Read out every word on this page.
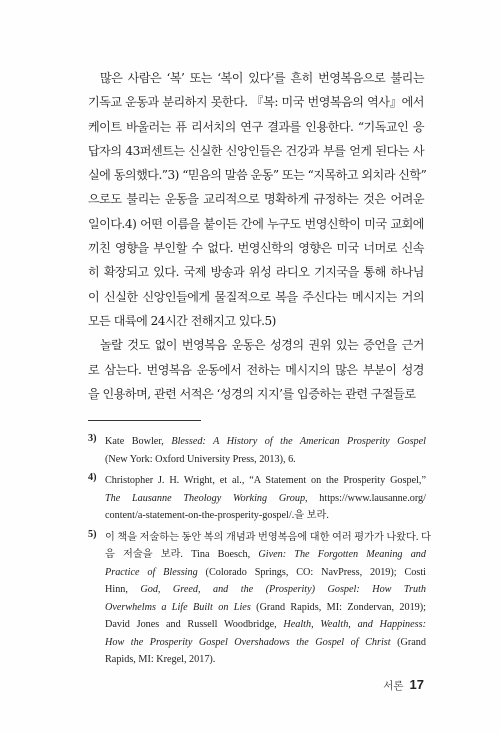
많은 사람은 ‘복’ 또는 ‘복이 있다’를 흔히 번영복음으로 불리는
기독교 운동과 분리하지 못한다. 『복: 미국 번영복음의 역사』에서
케이트 바울러는 퓨 리서치의 연구 결과를 인용한다. “기독교인 응
답자의 43퍼센트는 신실한 신앙인들은 건강과 부를 얻게 된다는 사
실에 동의했다.”3) “믿음의 말씀 운동” 또는 “지목하고 외치라 신학”
으로도 불리는 운동을 교리적으로 명확하게 규정하는 것은 어려운
일이다.4) 어떤 이름을 붙이든 간에 누구도 번영신학이 미국 교회에
끼친 영향을 부인할 수 없다. 번영신학의 영향은 미국 너머로 신속
히 확장되고 있다. 국제 방송과 위성 라디오 기지국을 통해 하나님
이 신실한 신앙인들에게 물질적으로 복을 주신다는 메시지는 거의
모든 대륙에 24시간 전해지고 있다.5)
놀랄 것도 없이 번영복음 운동은 성경의 권위 있는 증언을 근거
로 삼는다. 번영복음 운동에서 전하는 메시지의 많은 부분이 성경
을 인용하며, 관련 서적은 ‘성경의 지지’를 입증하는 관련 구절들로
3) Kate Bowler, Blessed: A History of the American Prosperity Gospel
(New York: Oxford University Press, 2013), 6.
4) Christopher J. H. Wright, et al., “A Statement on the Prosperity Gospel,”
The Lausanne Theology Working Group, https://www.lausanne.org/
content/a-statement-on-the-prosperity-gospel/.을 보라.
5) 이 책을 저술하는 동안 복의 개념과 번영복음에 대한 여러 평가가 나왔다. 다
음 저술을 보라. Tina Boesch, Given: The Forgotten Meaning and
Practice of Blessing (Colorado Springs, CO: NavPress, 2019); Costi
Hinn, God, Greed, and the (Prosperity) Gospel: How Truth
Overwhelms a Life Built on Lies (Grand Rapids, MI: Zondervan, 2019);
David Jones and Russell Woodbridge, Health, Wealth, and Happiness:
How the Prosperity Gospel Overshadows the Gospel of Christ (Grand
Rapids, MI: Kregel, 2017).
서론 17
